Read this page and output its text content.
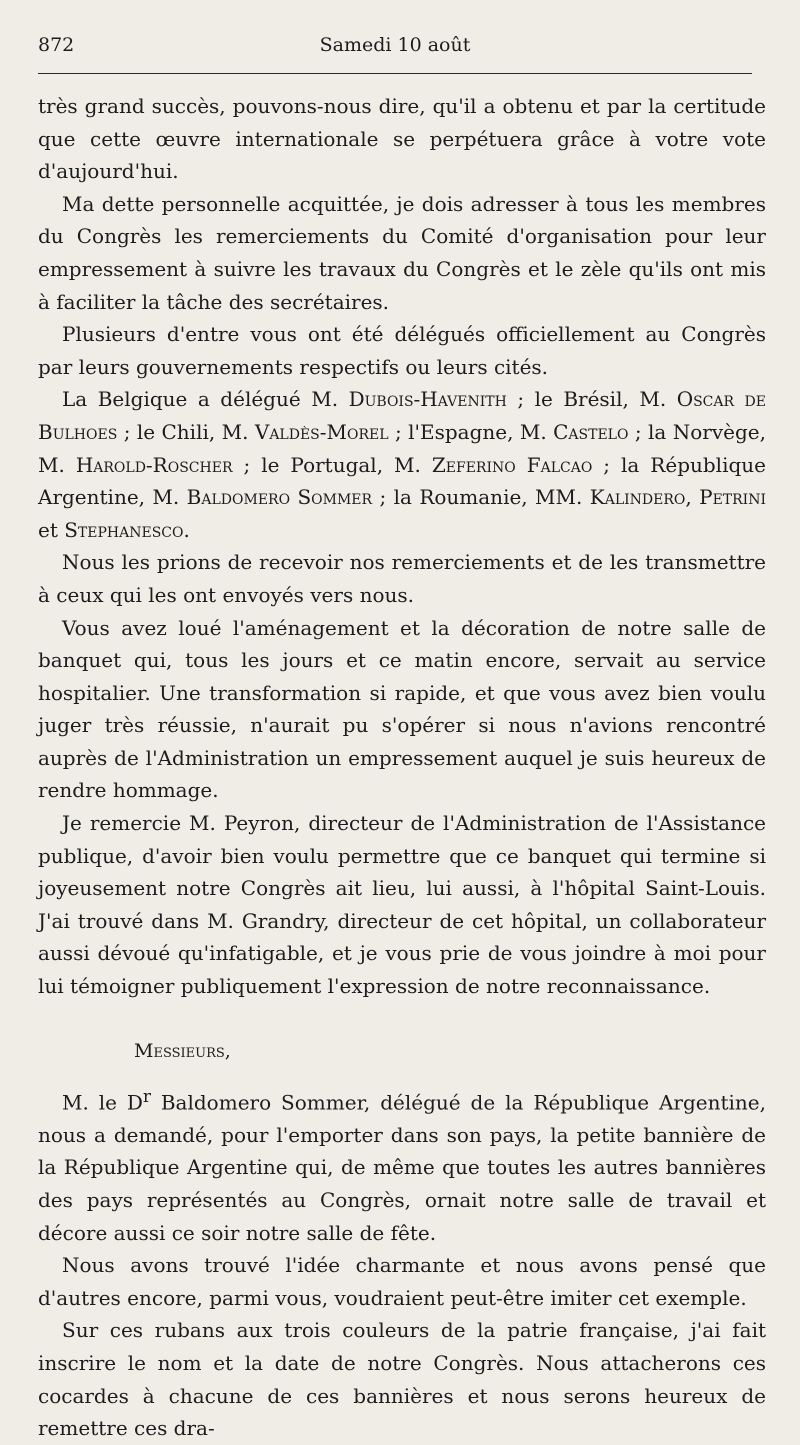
872	Samedi 10 août

très grand succès, pouvons-nous dire, qu'il a obtenu et par la certitude que cette œuvre internationale se perpétuera grâce à votre vote d'aujourd'hui.

Ma dette personnelle acquittée, je dois adresser à tous les membres du Congrès les remerciements du Comité d'organisation pour leur empressement à suivre les travaux du Congrès et le zèle qu'ils ont mis à faciliter la tâche des secrétaires.

Plusieurs d'entre vous ont été délégués officiellement au Congrès par leurs gouvernements respectifs ou leurs cités.

La Belgique a délégué M. Dubois-Havenith ; le Brésil, M. Oscar de Bulhoes ; le Chili, M. Valdès-Morel ; l'Espagne, M. Castelo ; la Norvège, M. Harold-Roscher ; le Portugal, M. Zeferino Falcao ; la République Argentine, M. Baldomero Sommer ; la Roumanie, MM. Kalindero, Petrini et Stephanesco.

Nous les prions de recevoir nos remerciements et de les transmettre à ceux qui les ont envoyés vers nous.

Vous avez loué l'aménagement et la décoration de notre salle de banquet qui, tous les jours et ce matin encore, servait au service hospitalier. Une transformation si rapide, et que vous avez bien voulu juger très réussie, n'aurait pu s'opérer si nous n'avions rencontré auprès de l'Administration un empressement auquel je suis heureux de rendre hommage.

Je remercie M. Peyron, directeur de l'Administration de l'Assistance publique, d'avoir bien voulu permettre que ce banquet qui termine si joyeusement notre Congrès ait lieu, lui aussi, à l'hôpital Saint-Louis. J'ai trouvé dans M. Grandry, directeur de cet hôpital, un collaborateur aussi dévoué qu'infatigable, et je vous prie de vous joindre à moi pour lui témoigner publiquement l'expression de notre reconnaissance.

Messieurs,

M. le $D^r$ Baldomero Sommer, délégué de la République Argentine, nous a demandé, pour l'emporter dans son pays, la petite bannière de la République Argentine qui, de même que toutes les autres bannières des pays représentés au Congrès, ornait notre salle de travail et décore aussi ce soir notre salle de fête.

Nous avons trouvé l'idée charmante et nous avons pensé que d'autres encore, parmi vous, voudraient peut-être imiter cet exemple.

Sur ces rubans aux trois couleurs de la patrie française, j'ai fait inscrire le nom et la date de notre Congrès. Nous attacherons ces cocardes à chacune de ces bannières et nous serons heureux de remettre ces dra-
